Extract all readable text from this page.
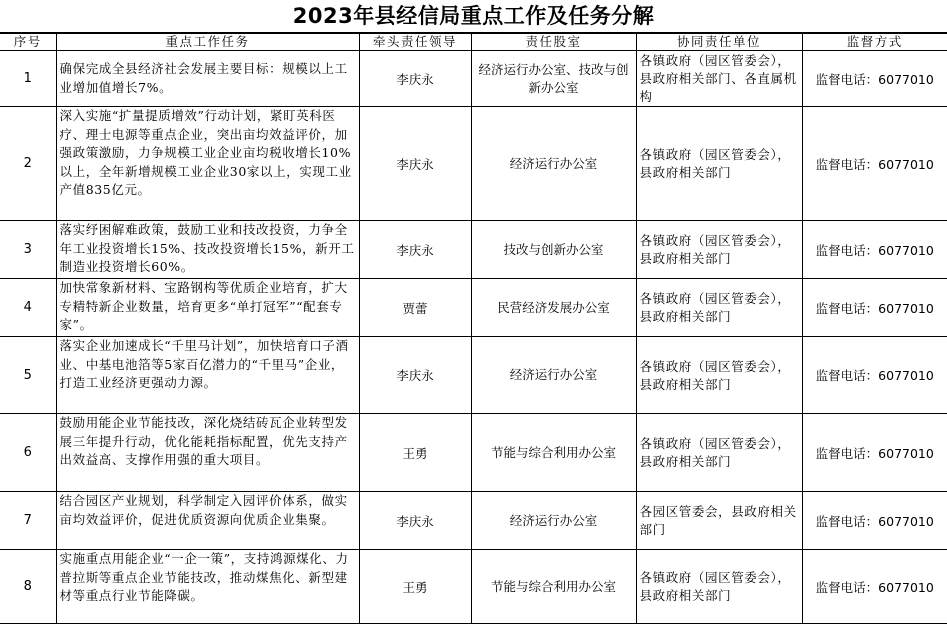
2023年县经信局重点工作及任务分解
序号	重点工作任务	牵头责任领导	责任股室	协同责任单位	监督方式
1	确保完成全县经济社会发展主要目标：规模以上工业增加值增长7%。	李庆永	经济运行办公室、技改与创新办公室	各镇政府（园区管委会），县政府相关部门、各直属机构	监督电话：6077010
2	深入实施“扩量提质增效”行动计划，紧盯英科医疗、理士电源等重点企业，突出亩均效益评价，加强政策激励，力争规模工业企业亩均税收增长10%以上，全年新增规模工业企业30家以上，实现工业产值835亿元。	李庆永	经济运行办公室	各镇政府（园区管委会），县政府相关部门	监督电话：6077010
3	落实纾困解难政策，鼓励工业和技改投资，力争全年工业投资增长15%、技改投资增长15%，新开工制造业投资增长60%。	李庆永	技改与创新办公室	各镇政府（园区管委会），县政府相关部门	监督电话：6077010
4	加快常象新材料、宝路钢构等优质企业培育，扩大专精特新企业数量，培育更多“单打冠军”“配套专家”。	贾蕾	民营经济发展办公室	各镇政府（园区管委会），县政府相关部门	监督电话：6077010
5	落实企业加速成长“千里马计划”，加快培育口子酒业、中基电池箔等5家百亿潜力的“千里马”企业，打造工业经济更强动力源。	李庆永	经济运行办公室	各镇政府（园区管委会），县政府相关部门	监督电话：6077010
6	鼓励用能企业节能技改，深化烧结砖瓦企业转型发展三年提升行动，优化能耗指标配置，优先支持产出效益高、支撑作用强的重大项目。	王勇	节能与综合利用办公室	各镇政府（园区管委会），县政府相关部门	监督电话：6077010
7	结合园区产业规划，科学制定入园评价体系，做实亩均效益评价，促进优质资源向优质企业集聚。	李庆永	经济运行办公室	各园区管委会，县政府相关部门	监督电话：6077010
8	实施重点用能企业“一企一策”，支持鸿源煤化、力普拉斯等重点企业节能技改，推动煤焦化、新型建材等重点行业节能降碳。	王勇	节能与综合利用办公室	各镇政府（园区管委会），县政府相关部门	监督电话：6077010
